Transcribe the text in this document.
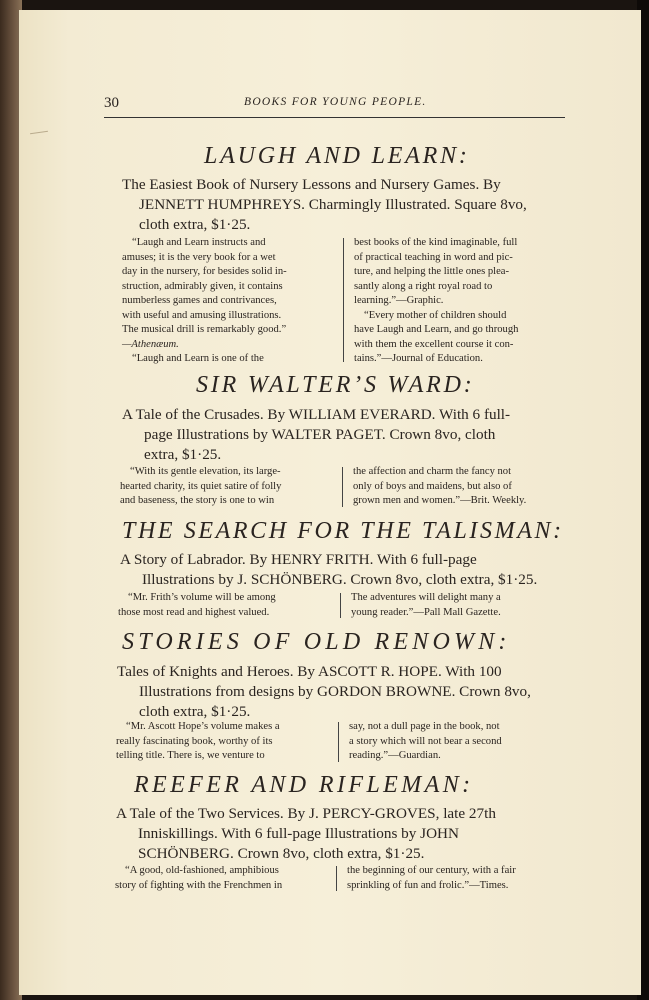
30	BOOKS FOR YOUNG PEOPLE.
LAUGH AND LEARN:

The Easiest Book of Nursery Lessons and Nursery Games. By

JENNETT HUMPHREYS. Charmingly Illustrated. Square 8vo,

cloth extra, $1·25.

“Laugh and Learn instructs and

amuses; it is the very book for a wet

day in the nursery, for besides solid in-

struction, admirably given, it contains

numberless games and contrivances,

with useful and amusing illustrations.

The musical drill is remarkably good.”

—Athenæum.

“Laugh and Learn is one of the

best books of the kind imaginable, full

of practical teaching in word and pic-

ture, and helping the little ones plea-

santly along a right royal road to

learning.”—Graphic.

“Every mother of children should

have Laugh and Learn, and go through

with them the excellent course it con-

tains.”—Journal of Education.

SIR WALTER’S WARD:

A Tale of the Crusades. By WILLIAM EVERARD. With 6 full-

page Illustrations by WALTER PAGET. Crown 8vo, cloth

extra, $1·25.

“With its gentle elevation, its large-

hearted charity, its quiet satire of folly

and baseness, the story is one to win

the affection and charm the fancy not

only of boys and maidens, but also of

grown men and women.”—Brit. Weekly.

THE SEARCH FOR THE TALISMAN:

A Story of Labrador. By HENRY FRITH. With 6 full-page

Illustrations by J. SCHÖNBERG. Crown 8vo, cloth extra, $1·25.

“Mr. Frith’s volume will be among

those most read and highest valued.

The adventures will delight many a

young reader.”—Pall Mall Gazette.

STORIES OF OLD RENOWN:

Tales of Knights and Heroes. By ASCOTT R. HOPE. With 100

Illustrations from designs by GORDON BROWNE. Crown 8vo,

cloth extra, $1·25.

“Mr. Ascott Hope’s volume makes a

really fascinating book, worthy of its

telling title. There is, we venture to

say, not a dull page in the book, not

a story which will not bear a second

reading.”—Guardian.

REEFER AND RIFLEMAN:

A Tale of the Two Services. By J. PERCY-GROVES, late 27th

Inniskillings. With 6 full-page Illustrations by JOHN

SCHÖNBERG. Crown 8vo, cloth extra, $1·25.

“A good, old-fashioned, amphibious

story of fighting with the Frenchmen in

the beginning of our century, with a fair

sprinkling of fun and frolic.”—Times.
